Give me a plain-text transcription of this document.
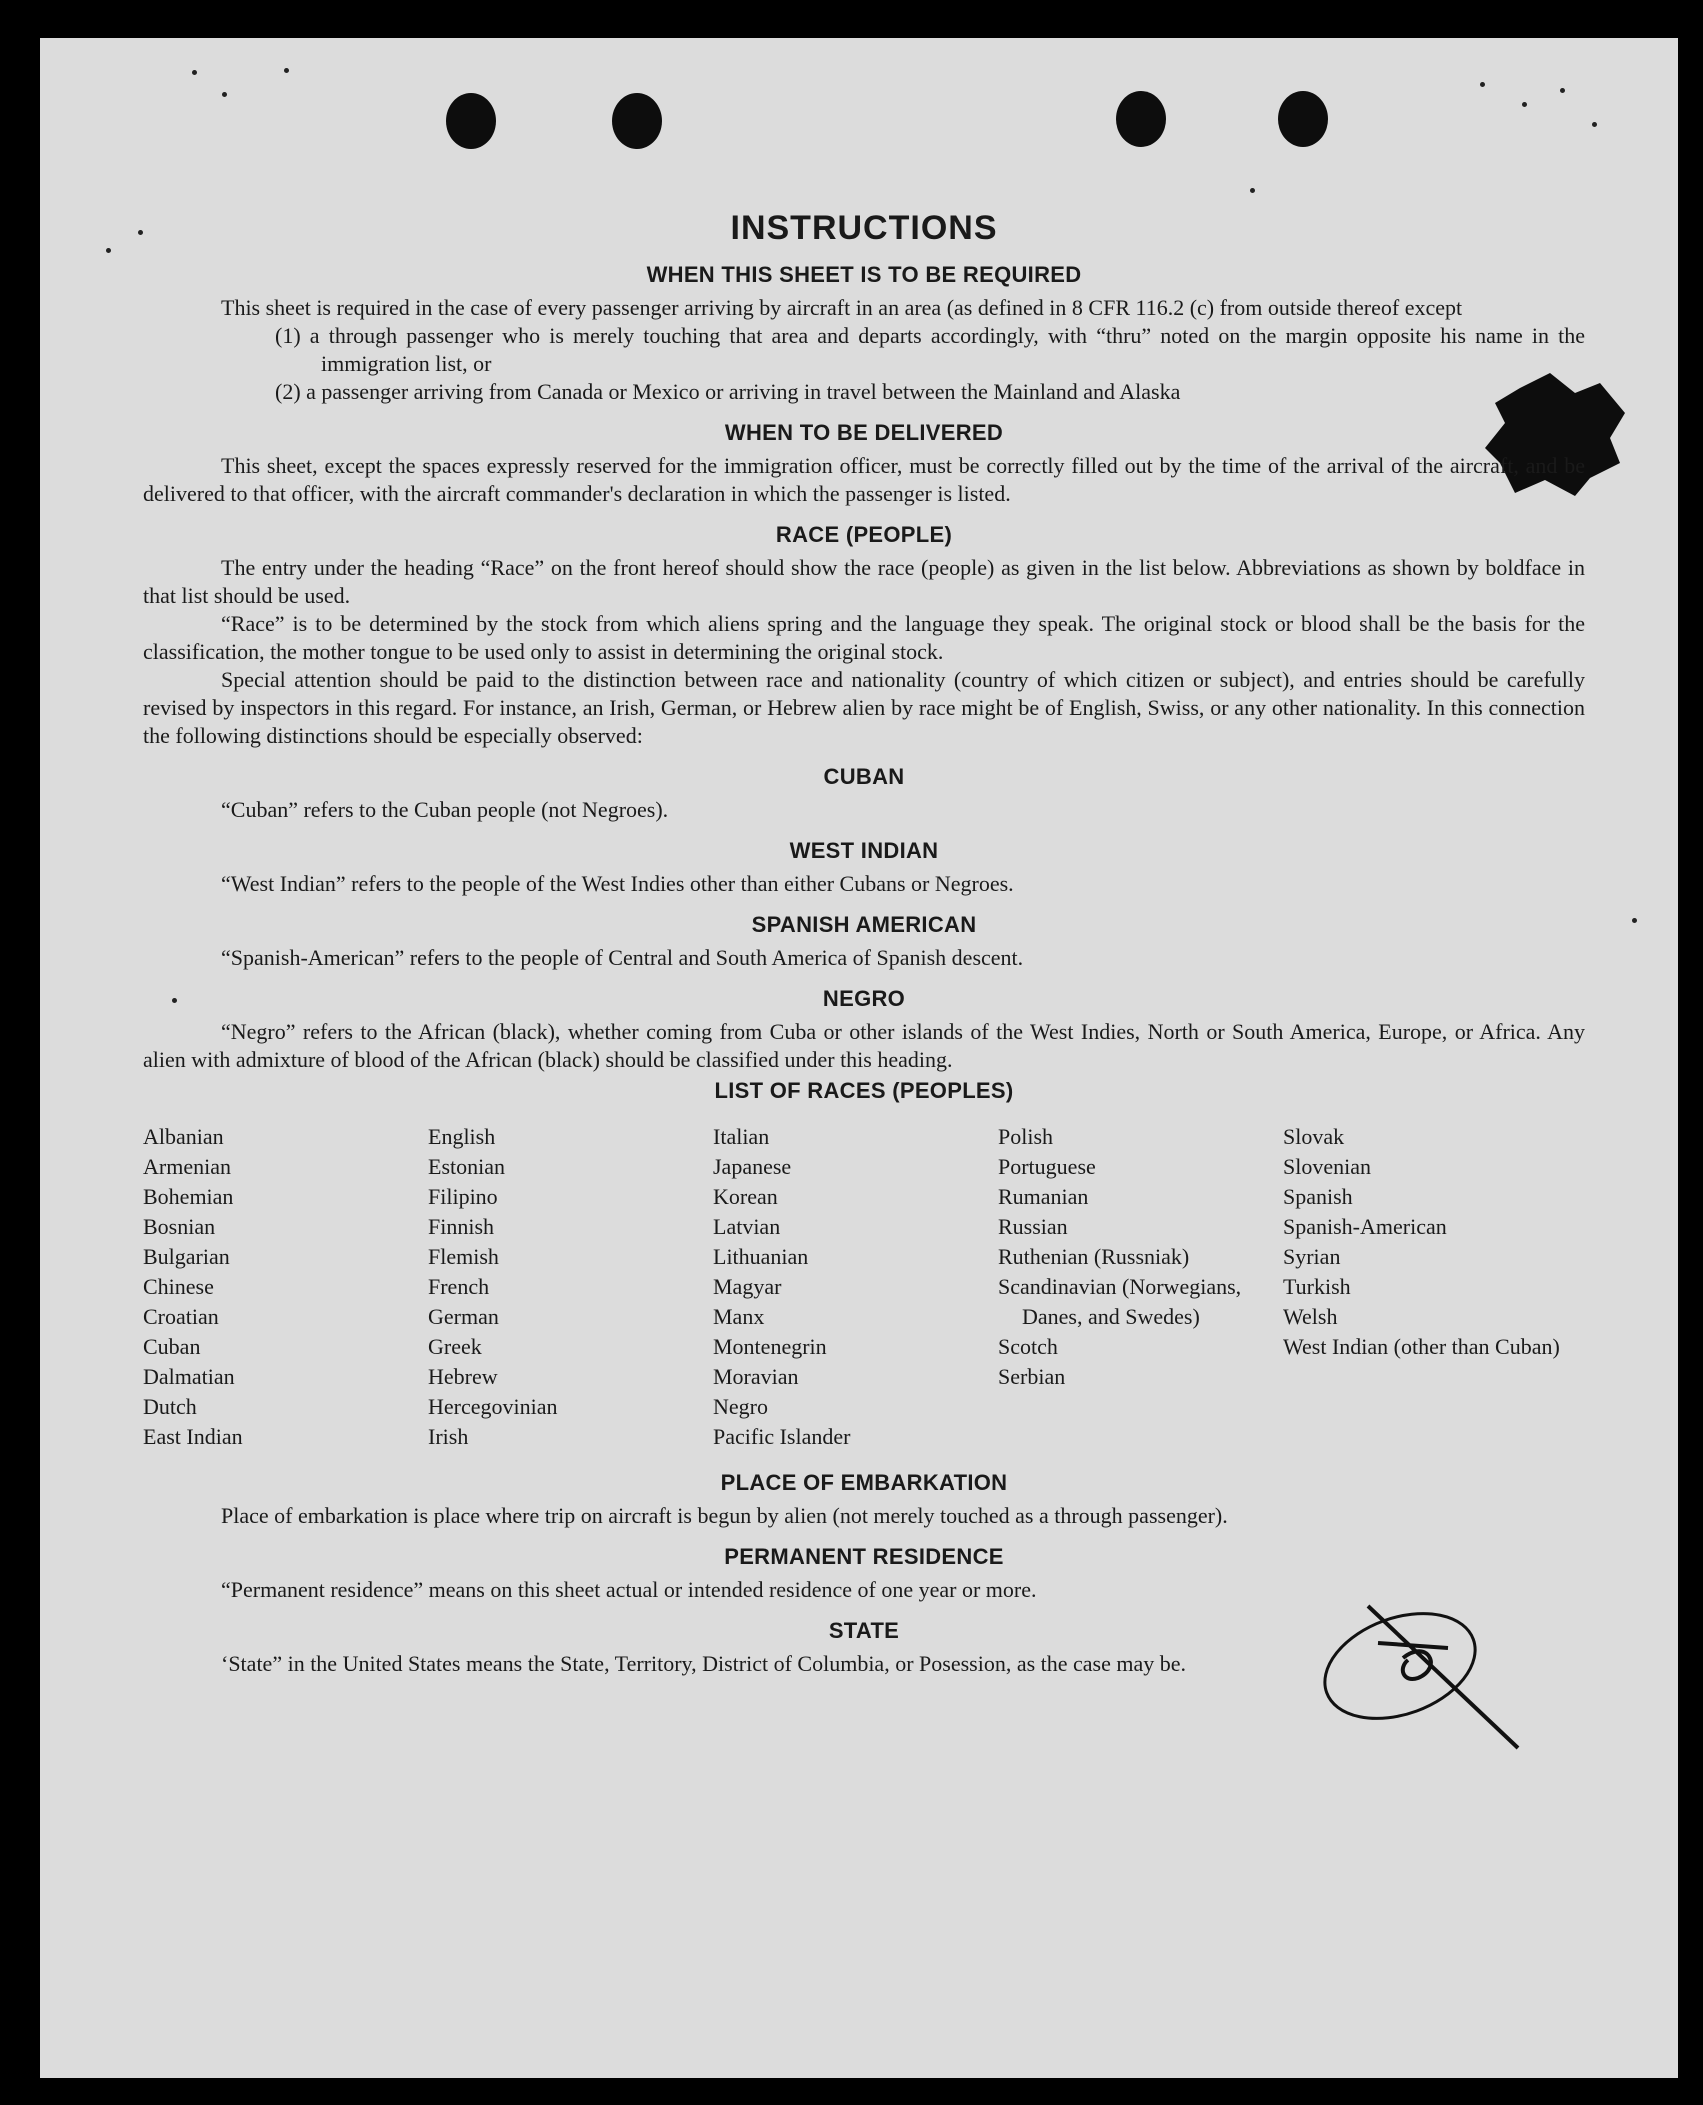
INSTRUCTIONS
WHEN THIS SHEET IS TO BE REQUIRED

This sheet is required in the case of every passenger arriving by aircraft in an area (as defined in 8 CFR 116.2 (c) from outside thereof except

(1) a through passenger who is merely touching that area and departs accordingly, with “thru” noted on the margin opposite his name in the immigration list, or

(2) a passenger arriving from Canada or Mexico or arriving in travel between the Mainland and Alaska

WHEN TO BE DELIVERED

This sheet, except the spaces expressly reserved for the immigration officer, must be correctly filled out by the time of the arrival of the aircraft, and be delivered to that officer, with the aircraft commander's declaration in which the passenger is listed.

RACE (PEOPLE)

The entry under the heading “Race” on the front hereof should show the race (people) as given in the list below. Abbreviations as shown by boldface in that list should be used.

“Race” is to be determined by the stock from which aliens spring and the language they speak. The original stock or blood shall be the basis for the classification, the mother tongue to be used only to assist in determining the original stock.

Special attention should be paid to the distinction between race and nationality (country of which citizen or subject), and entries should be carefully revised by inspectors in this regard. For instance, an Irish, German, or Hebrew alien by race might be of English, Swiss, or any other nationality. In this connection the following distinctions should be especially observed:

CUBAN

“Cuban” refers to the Cuban people (not Negroes).

WEST INDIAN

“West Indian” refers to the people of the West Indies other than either Cubans or Negroes.

SPANISH AMERICAN

“Spanish-American” refers to the people of Central and South America of Spanish descent.

NEGRO

“Negro” refers to the African (black), whether coming from Cuba or other islands of the West Indies, North or South America, Europe, or Africa. Any alien with admixture of blood of the African (black) should be classified under this heading.

LIST OF RACES (PEOPLES)
Albanian
Armenian
Bohemian
Bosnian
Bulgarian
Chinese
Croatian
Cuban
Dalmatian
Dutch
East Indian
English
Estonian
Filipino
Finnish
Flemish
French
German
Greek
Hebrew
Hercegovinian
Irish
Italian
Japanese
Korean
Latvian
Lithuanian
Magyar
Manx
Montenegrin
Moravian
Negro
Pacific Islander
Polish
Portuguese
Rumanian
Russian
Ruthenian (Russniak)
Scandinavian (Norwegians, Danes, and Swedes)
Scotch
Serbian
Slovak
Slovenian
Spanish
Spanish-American
Syrian
Turkish
Welsh
West Indian (other than Cuban)
PLACE OF EMBARKATION

Place of embarkation is place where trip on aircraft is begun by alien (not merely touched as a through passenger).

PERMANENT RESIDENCE

“Permanent residence” means on this sheet actual or intended residence of one year or more.

STATE

‘State” in the United States means the State, Territory, District of Columbia, or Posession, as the case may be.
